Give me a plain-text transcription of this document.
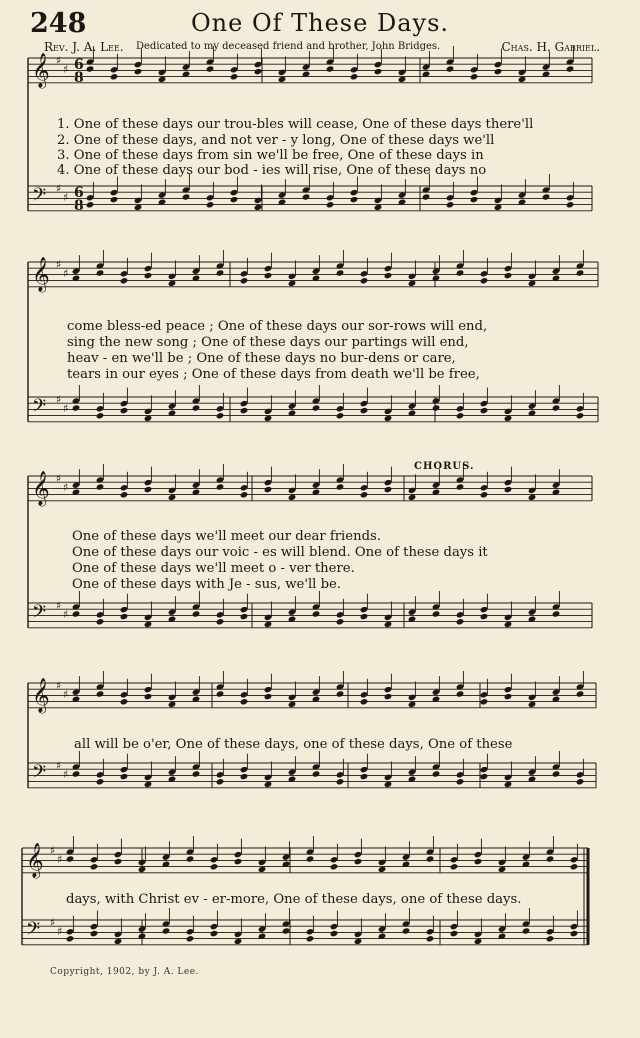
248	One Of These Days.
Rev. J. A. Lee. Dedicated to my deceased friend and brother, John Bridges.	Chas. H. Gabriel.
𝄞 ♯
♯
𝄢 ♯
♯
6
8
6
8
𝄞 ♯
♯
𝄢 ♯
♯
𝄞 ♯
♯
𝄢 ♯
♯
𝄞 ♯
♯
𝄢 ♯
♯
𝄞 ♯
♯
𝄢 ♯
♯
1. One of these days our trou-bles will cease, One of these days there'll
2. One of these days, and not ver - y long, One of these days we'll
3. One of these days from sin we'll be free, One of these days in
4. One of these days our bod - ies will rise, One of these days no
come bless-ed peace ; One of these days our sor-rows will end,
sing the new song ; One of these days our partings will end,
heav - en we'll be ; One of these days no bur-dens or care,
tears in our eyes ; One of these days from death we'll be free,
CHORUS.
One of these days we'll meet our dear friends.
One of these days our voic - es will blend. One of these days it
One of these days we'll meet o - ver there.
One of these days with Je - sus, we'll be.
all will be o'er, One of these days, one of these days, One of these
days, with Christ ev - er-more, One of these days, one of these days.
Copyright, 1902, by J. A. Lee.
